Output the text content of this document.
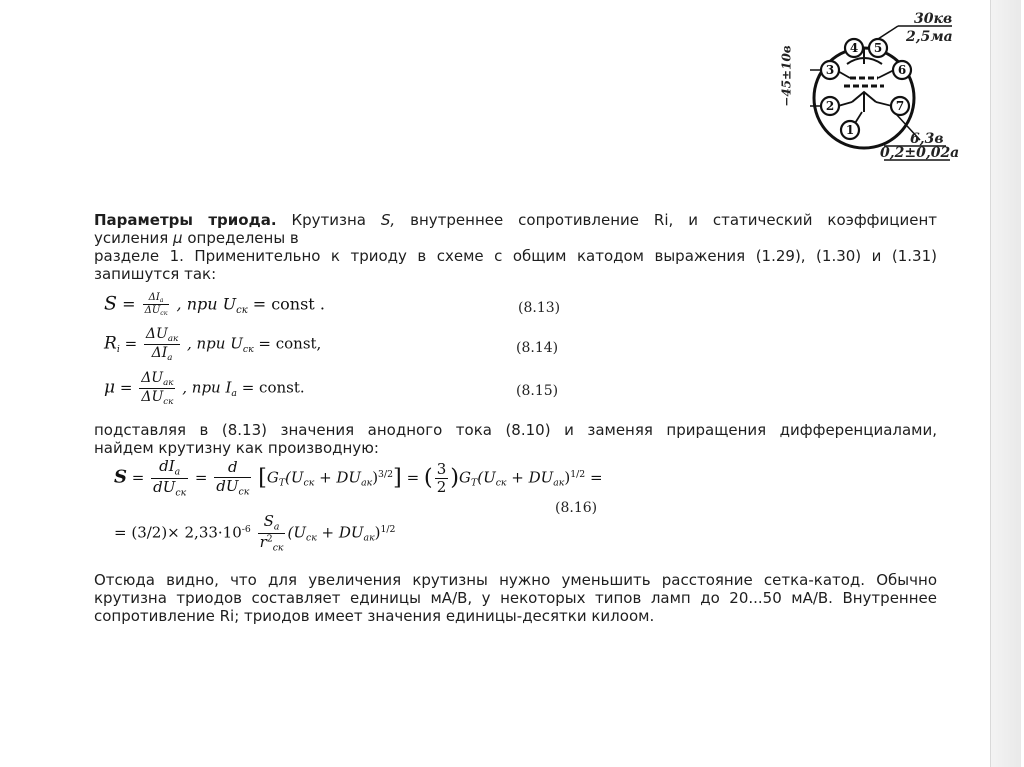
1
2
3
4 5
6
7
30кв
2,5ма
−45±10в
6,3в
0,2±0,02а
Параметры триода. Крутизна S, внутреннее сопротивление Ri, и статический коэффициент
усиления μ определены в
разделе 1. Применительно к триоду в схеме с общим катодом выражения (1.29), (1.30) и (1.31)
запишутся так:
$S = \frac{\Delta I_а}{\Delta U_{ск}}$ , npu $U_{ск}$ = const .	(8.13)
$R_i = \frac{\Delta U_{ак}}{\Delta I_а}$ , npu $U_{ск}$ = const,	(8.14)
$\mu = \frac{\Delta U_{ак}}{\Delta U_{ск}}$ , npu $I_а$ = const.	(8.15)
подставляя в (8.13) значения анодного тока (8.10) и заменяя приращения дифференциалами,
найдем крутизну как производную:
$S = \frac{dI_а}{dU_{ск}} = \frac{d}{dU_{ск}} [G_T(U_{ск} + DU_{ак})^{3/2}]$ = ( $\frac{3}{2} )G_T(U_{ск} + DU_{ак})^{1/2}$ =
(8.16)
= $(3/2)\times 2,33\cdot 10^{-6} \frac{S_а}{r^2_{ск}} (U_{ск} + DU_{ак})^{1/2}$
Отсюда видно, что для увеличения крутизны нужно уменьшить расстояние сетка-катод. Обычно
крутизна триодов составляет единицы мА/В, у некоторых типов ламп до 20...50 мА/В. Внутреннее
сопротивление Ri; триодов имеет значения единицы-десятки килоом.
